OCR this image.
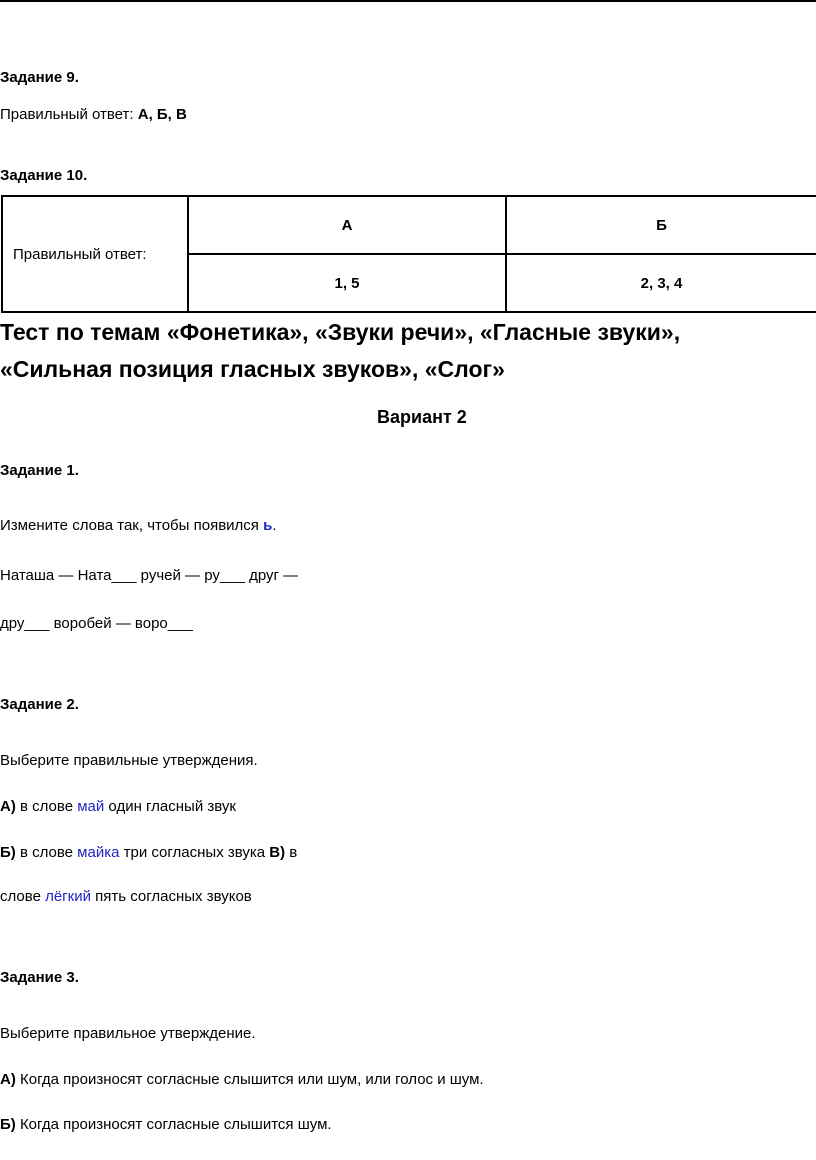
Задание 9.
Правильный ответ: А, Б, В
Задание 10.
Правильный ответ:	А	Б
	1, 5	2, 3, 4
Тест по темам «Фонетика», «Звуки речи», «Гласные звуки»,
«Сильная позиция гласных звуков», «Слог»
Вариант 2
Задание 1.
Измените слова так, чтобы появился ь.
Наташа — Ната___ ручей — ру___ друг —
дру___ воробей — воро___
Задание 2.
Выберите правильные утверждения.
А) в слове май один гласный звук
Б) в слове майка три согласных звука В) в
слове лёгкий пять согласных звуков
Задание 3.
Выберите правильное утверждение.
А) Когда произносят согласные слышится или шум, или голос и шум.
Б) Когда произносят согласные слышится шум.
